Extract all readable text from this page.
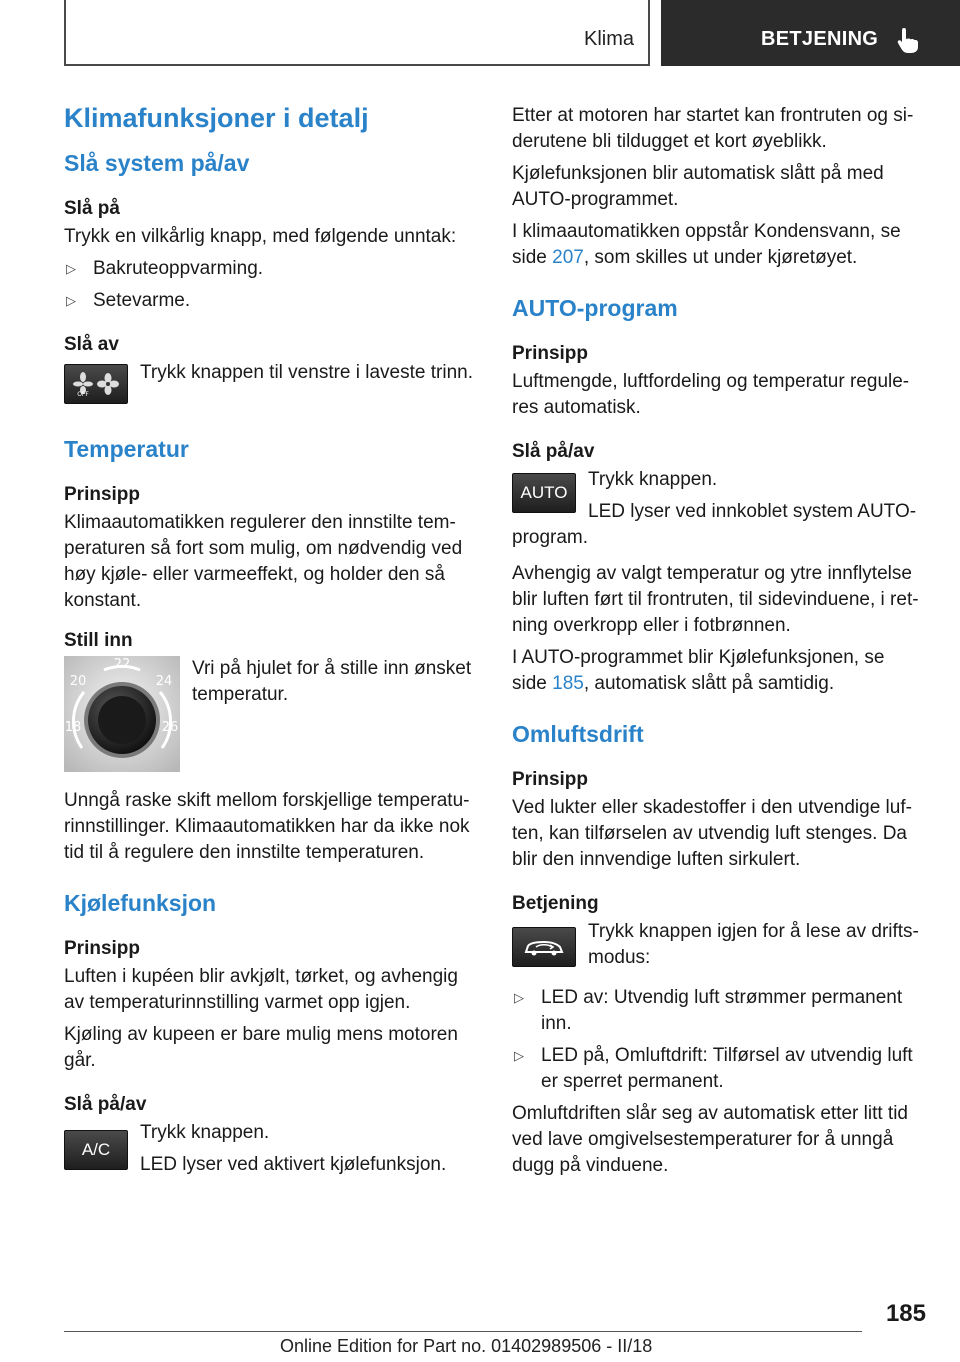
Klima	BETJENING
Klimafunksjoner i detalj
Slå system på/av
Slå på

Trykk en vilkårlig knapp, med følgende unntak:

▷ Bakruteoppvarming.
▷ Setevarme.
Slå av
OFF

Trykk knappen til venstre i laveste trinn.

Temperatur
Prinsipp

Klimaautomatikken regulerer den innstilte tem‐peraturen så fort som mulig, om nødvendig ved høy kjøle- eller varmeeffekt, og holder den så konstant.

Still inn
22
20	24
18	26

Vri på hjulet for å stille inn ønsket temperatur.

Unngå raske skift mellom forskjellige temperatu‐rinnstillinger. Klimaautomatikken har da ikke nok tid til å regulere den innstilte temperaturen.

Kjølefunksjon
Prinsipp

Luften i kupéen blir avkjølt, tørket, og avhengig av temperaturinnstilling varmet opp igjen.

Kjøling av kupeen er bare mulig mens motoren går.

Slå på/av
A/C

Trykk knappen.

LED lyser ved aktivert kjølefunksjon.

Etter at motoren har startet kan frontruten og si‐derutene bli tildugget et kort øyeblikk.

Kjølefunksjonen blir automatisk slått på med AUTO-programmet.

I klimaautomatikken oppstår Kondensvann, se side 207, som skilles ut under kjøretøyet.

AUTO-program
Prinsipp

Luftmengde, luftfordeling og temperatur regule‐res automatisk.

Slå på/av
AUTO

Trykk knappen.

LED lyser ved innkoblet system AUTO-program.

Avhengig av valgt temperatur og ytre innflytelse blir luften ført til frontruten, til sidevinduene, i ret‐ning overkropp eller i fotbrønnen.

I AUTO-programmet blir Kjølefunksjonen, se side 185, automatisk slått på samtidig.

Omluftsdrift
Prinsipp

Ved lukter eller skadestoffer i den utvendige luf‐ten, kan tilførselen av utvendig luft stenges. Da blir den innvendige luften sirkulert.

Betjening

Trykk knappen igjen for å lese av drifts‐modus:

▷ LED av: Utvendig luft strømmer permanent inn.
▷ LED på, Omluftdrift: Tilførsel av utvendig luft er sperret permanent.

Omluftdriften slår seg av automatisk etter litt tid ved lave omgivelsestemperaturer for å unngå dugg på vinduene.

185
Online Edition for Part no. 01402989506 - II/18
